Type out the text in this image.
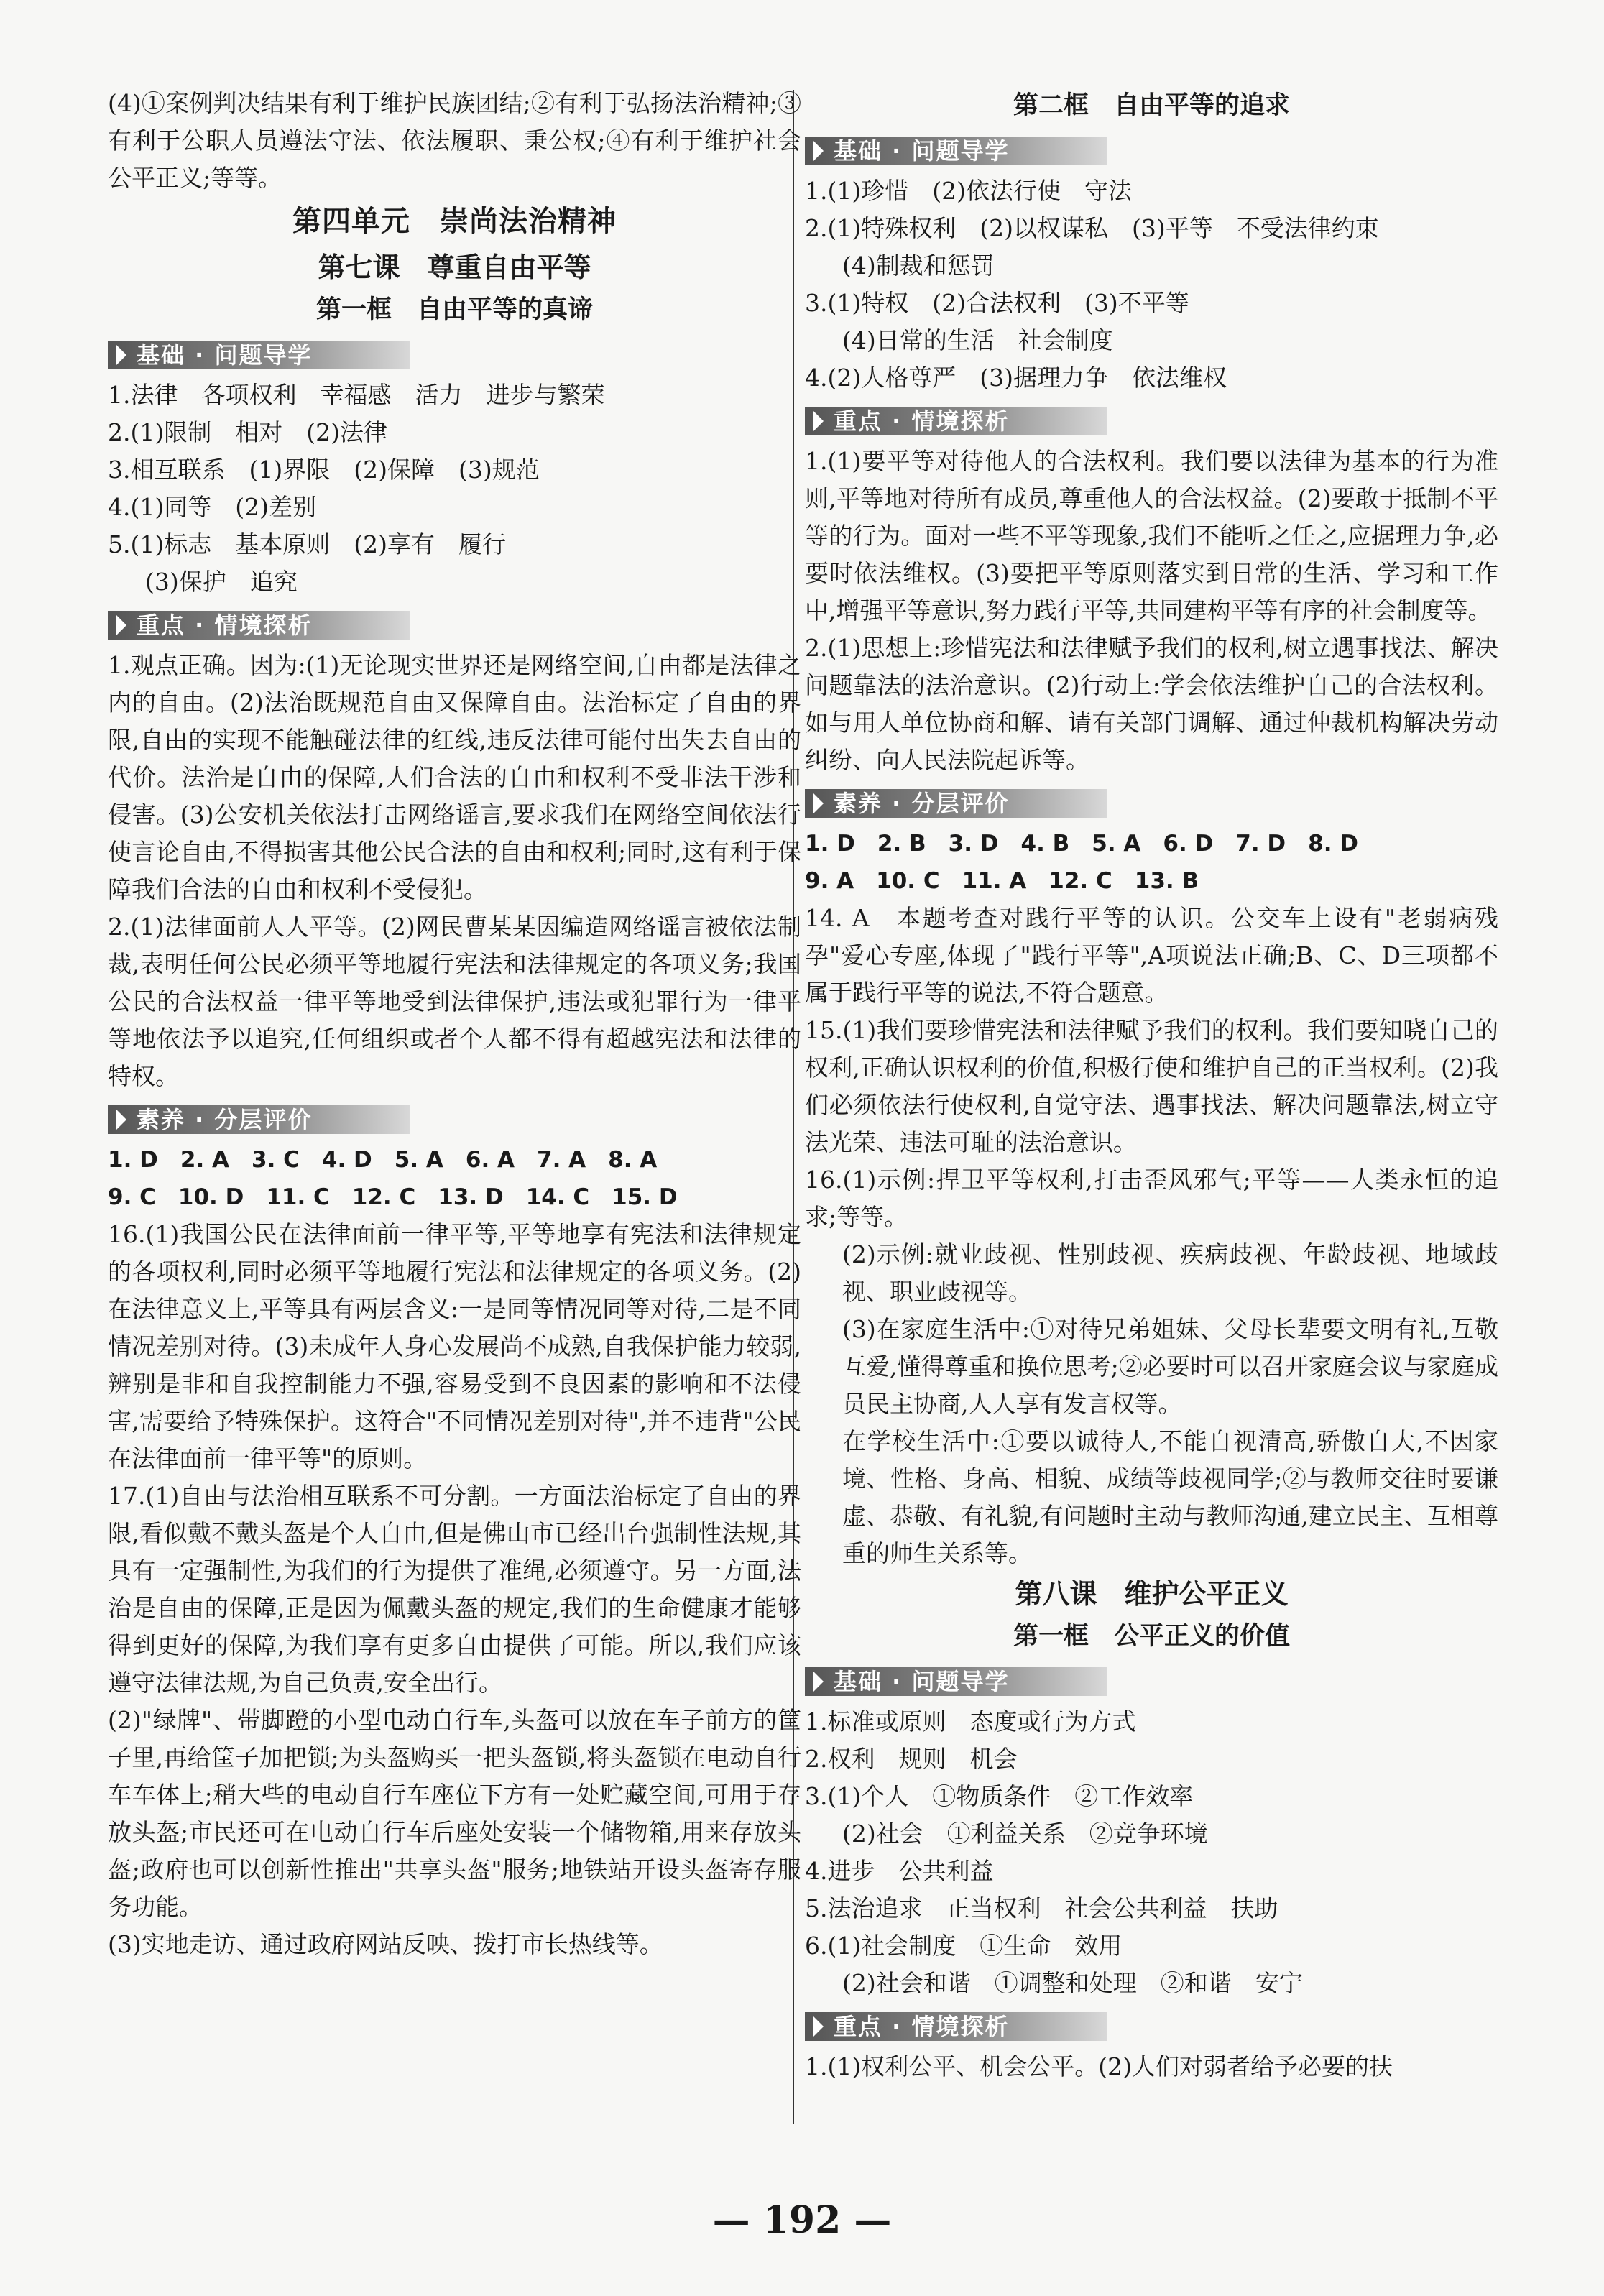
(4)①案例判决结果有利于维护民族团结;②有利于弘扬法治精神;③有利于公职人员遵法守法、依法履职、秉公权;④有利于维护社会公平正义;等等。

第四单元　崇尚法治精神
第七课　尊重自由平等
第一框　自由平等的真谛
基础 · 问题导学

1.法律　各项权利　幸福感　活力　进步与繁荣

2.(1)限制　相对　(2)法律

3.相互联系　(1)界限　(2)保障　(3)规范

4.(1)同等　(2)差别

5.(1)标志　基本原则　(2)享有　履行

(3)保护　追究

重点 · 情境探析

1.观点正确。因为:(1)无论现实世界还是网络空间,自由都是法律之内的自由。(2)法治既规范自由又保障自由。法治标定了自由的界限,自由的实现不能触碰法律的红线,违反法律可能付出失去自由的代价。法治是自由的保障,人们合法的自由和权利不受非法干涉和侵害。(3)公安机关依法打击网络谣言,要求我们在网络空间依法行使言论自由,不得损害其他公民合法的自由和权利;同时,这有利于保障我们合法的自由和权利不受侵犯。

2.(1)法律面前人人平等。(2)网民曹某某因编造网络谣言被依法制裁,表明任何公民必须平等地履行宪法和法律规定的各项义务;我国公民的合法权益一律平等地受到法律保护,违法或犯罪行为一律平等地依法予以追究,任何组织或者个人都不得有超越宪法和法律的特权。

素养 · 分层评价

1. D　2. A　3. C　4. D　5. A　6. A　7. A　8. A

9. C　10. D　11. C　12. C　13. D　14. C　15. D

16.(1)我国公民在法律面前一律平等,平等地享有宪法和法律规定的各项权利,同时必须平等地履行宪法和法律规定的各项义务。(2)在法律意义上,平等具有两层含义:一是同等情况同等对待,二是不同情况差别对待。(3)未成年人身心发展尚不成熟,自我保护能力较弱,辨别是非和自我控制能力不强,容易受到不良因素的影响和不法侵害,需要给予特殊保护。这符合"不同情况差别对待",并不违背"公民在法律面前一律平等"的原则。

17.(1)自由与法治相互联系不可分割。一方面法治标定了自由的界限,看似戴不戴头盔是个人自由,但是佛山市已经出台强制性法规,其具有一定强制性,为我们的行为提供了准绳,必须遵守。另一方面,法治是自由的保障,正是因为佩戴头盔的规定,我们的生命健康才能够得到更好的保障,为我们享有更多自由提供了可能。所以,我们应该遵守法律法规,为自己负责,安全出行。

(2)"绿牌"、带脚蹬的小型电动自行车,头盔可以放在车子前方的筐子里,再给筐子加把锁;为头盔购买一把头盔锁,将头盔锁在电动自行车车体上;稍大些的电动自行车座位下方有一处贮藏空间,可用于存放头盔;市民还可在电动自行车后座处安装一个储物箱,用来存放头盔;政府也可以创新性推出"共享头盔"服务;地铁站开设头盔寄存服务功能。

(3)实地走访、通过政府网站反映、拨打市长热线等。

第二框　自由平等的追求
基础 · 问题导学

1.(1)珍惜　(2)依法行使　守法

2.(1)特殊权利　(2)以权谋私　(3)平等　不受法律约束

(4)制裁和惩罚

3.(1)特权　(2)合法权利　(3)不平等

(4)日常的生活　社会制度

4.(2)人格尊严　(3)据理力争　依法维权

重点 · 情境探析

1.(1)要平等对待他人的合法权利。我们要以法律为基本的行为准则,平等地对待所有成员,尊重他人的合法权益。(2)要敢于抵制不平等的行为。面对一些不平等现象,我们不能听之任之,应据理力争,必要时依法维权。(3)要把平等原则落实到日常的生活、学习和工作中,增强平等意识,努力践行平等,共同建构平等有序的社会制度等。

2.(1)思想上:珍惜宪法和法律赋予我们的权利,树立遇事找法、解决问题靠法的法治意识。(2)行动上:学会依法维护自己的合法权利。如与用人单位协商和解、请有关部门调解、通过仲裁机构解决劳动纠纷、向人民法院起诉等。

素养 · 分层评价

1. D　2. B　3. D　4. B　5. A　6. D　7. D　8. D

9. A　10. C　11. A　12. C　13. B

14. A　本题考查对践行平等的认识。公交车上设有"老弱病残孕"爱心专座,体现了"践行平等",A项说法正确;B、C、D三项都不属于践行平等的说法,不符合题意。

15.(1)我们要珍惜宪法和法律赋予我们的权利。我们要知晓自己的权利,正确认识权利的价值,积极行使和维护自己的正当权利。(2)我们必须依法行使权利,自觉守法、遇事找法、解决问题靠法,树立守法光荣、违法可耻的法治意识。

16.(1)示例:捍卫平等权利,打击歪风邪气;平等——人类永恒的追求;等等。

(2)示例:就业歧视、性别歧视、疾病歧视、年龄歧视、地域歧视、职业歧视等。

(3)在家庭生活中:①对待兄弟姐妹、父母长辈要文明有礼,互敬互爱,懂得尊重和换位思考;②必要时可以召开家庭会议与家庭成员民主协商,人人享有发言权等。

在学校生活中:①要以诚待人,不能自视清高,骄傲自大,不因家境、性格、身高、相貌、成绩等歧视同学;②与教师交往时要谦虚、恭敬、有礼貌,有问题时主动与教师沟通,建立民主、互相尊重的师生关系等。

第八课　维护公平正义
第一框　公平正义的价值
基础 · 问题导学

1.标准或原则　态度或行为方式

2.权利　规则　机会

3.(1)个人　①物质条件　②工作效率

(2)社会　①利益关系　②竞争环境

4.进步　公共利益

5.法治追求　正当权利　社会公共利益　扶助

6.(1)社会制度　①生命　效用

(2)社会和谐　①调整和处理　②和谐　安宁

重点 · 情境探析

1.(1)权利公平、机会公平。(2)人们对弱者给予必要的扶

— 192 —
